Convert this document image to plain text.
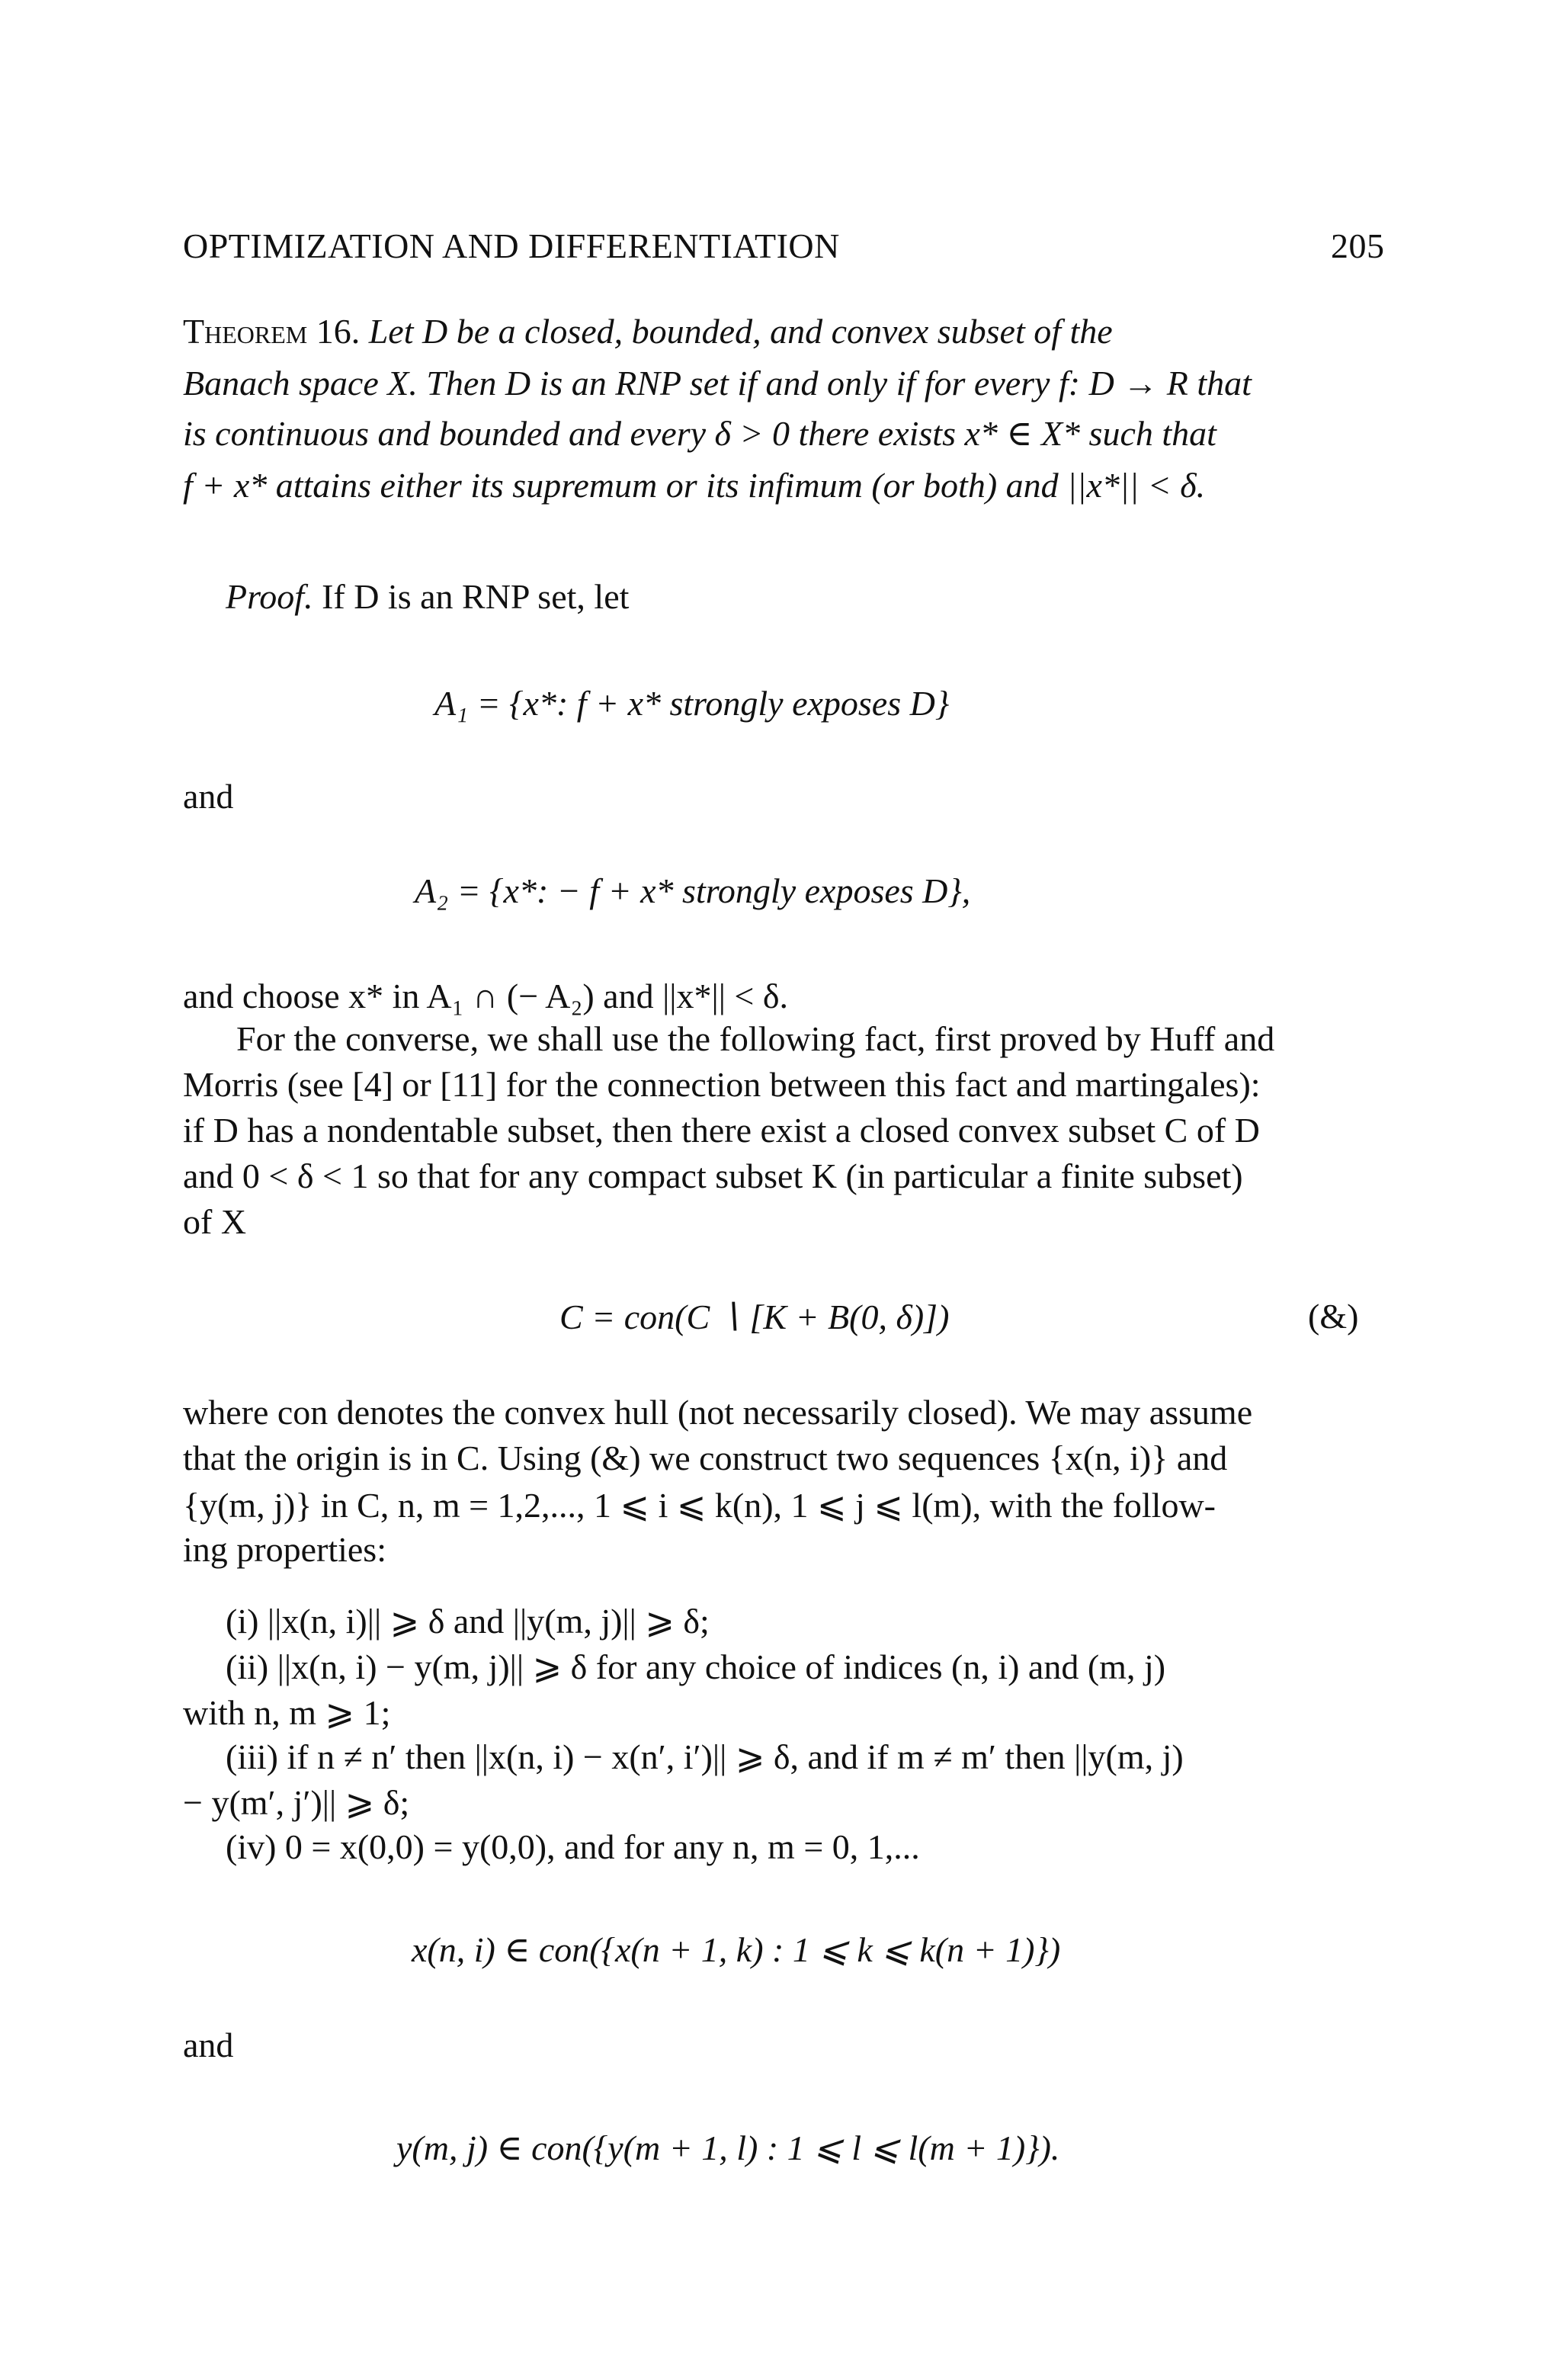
OPTIMIZATION AND DIFFERENTIATION	205
Theorem 16. Let D be a closed, bounded, and convex subset of the
Banach space X. Then D is an RNP set if and only if for every f: D → R that
is continuous and bounded and every δ > 0 there exists x* ∈ X* such that
f + x* attains either its supremum or its infimum (or both) and ||x*|| < δ.
Proof. If D is an RNP set, let
A₁ = {x*: f + x* strongly exposes D}
and
A₂ = {x*: − f + x* strongly exposes D},
and choose x* in A₁ ∩ (− A₂) and ||x*|| < δ.
For the converse, we shall use the following fact, first proved by Huff and
Morris (see [4] or [11] for the connection between this fact and martingales):
if D has a nondentable subset, then there exist a closed convex subset C of D
and 0 < δ < 1 so that for any compact subset K (in particular a finite subset)
of X
C = con(C ∖ [K + B(0, δ)])	(&)
where con denotes the convex hull (not necessarily closed). We may assume
that the origin is in C. Using (&) we construct two sequences {x(n, i)} and
{y(m, j)} in C, n, m = 1,2,..., 1 ⩽ i ⩽ k(n), 1 ⩽ j ⩽ l(m), with the follow-
ing properties:
(i) ||x(n, i)|| ⩾ δ and ||y(m, j)|| ⩾ δ;
(ii) ||x(n, i) − y(m, j)|| ⩾ δ for any choice of indices (n, i) and (m, j)
with n, m ⩾ 1;
(iii) if n ≠ n′ then ||x(n, i) − x(n′, i′)|| ⩾ δ, and if m ≠ m′ then ||y(m, j)
− y(m′, j′)|| ⩾ δ;
(iv) 0 = x(0,0) = y(0,0), and for any n, m = 0, 1,...
x(n, i) ∈ con({x(n + 1, k) : 1 ⩽ k ⩽ k(n + 1)})
and
y(m, j) ∈ con({y(m + 1, l) : 1 ⩽ l ⩽ l(m + 1)}).
